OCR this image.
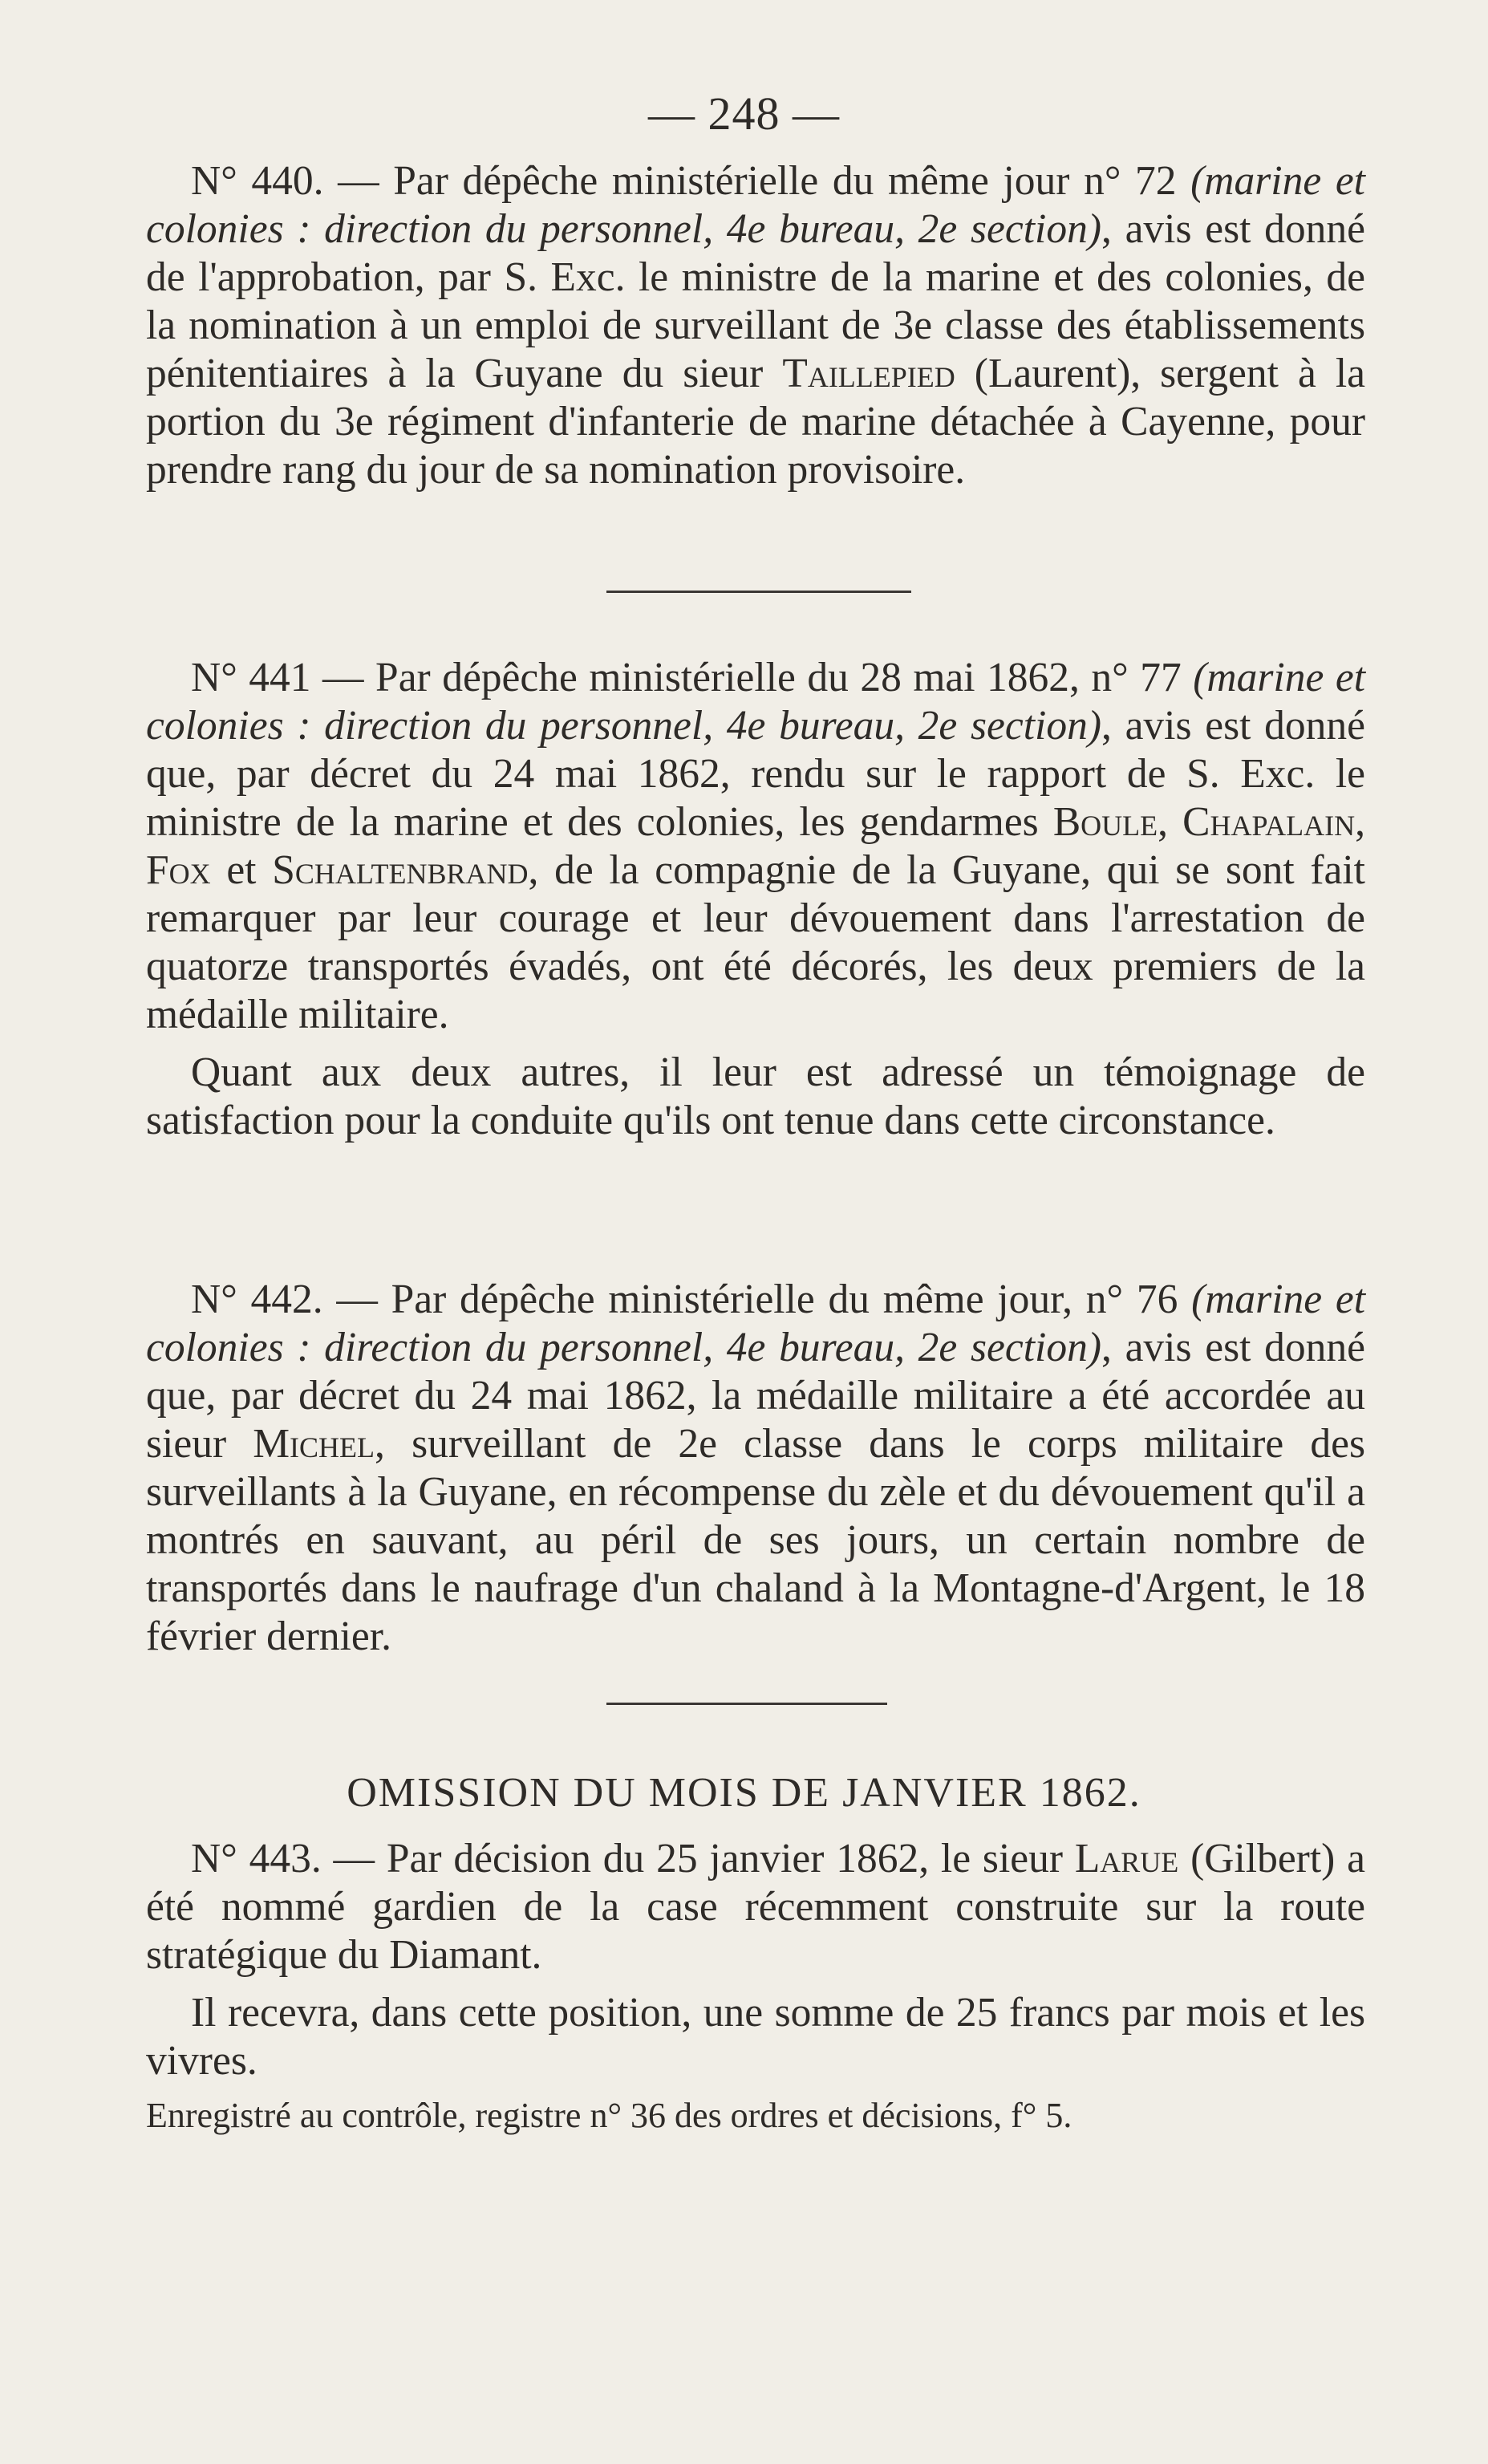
— 248 —

N° 440. — Par dépêche ministérielle du même jour n° 72 (marine et colonies : direction du personnel, 4e bureau, 2e section), avis est donné de l'approbation, par S. Exc. le ministre de la marine et des colonies, de la nomination à un emploi de surveillant de 3e classe des établissements pénitentiaires à la Guyane du sieur Taillepied (Laurent), sergent à la portion du 3e régiment d'infanterie de marine détachée à Cayenne, pour prendre rang du jour de sa nomination provisoire.

N° 441 — Par dépêche ministérielle du 28 mai 1862, n° 77 (marine et colonies : direction du personnel, 4e bureau, 2e section), avis est donné que, par décret du 24 mai 1862, rendu sur le rapport de S. Exc. le ministre de la marine et des colonies, les gendarmes Boule, Chapalain, Fox et Schaltenbrand, de la compagnie de la Guyane, qui se sont fait remarquer par leur courage et leur dévouement dans l'arrestation de quatorze transportés évadés, ont été décorés, les deux premiers de la médaille militaire.

Quant aux deux autres, il leur est adressé un témoignage de satisfaction pour la conduite qu'ils ont tenue dans cette circonstance.

N° 442. — Par dépêche ministérielle du même jour, n° 76 (marine et colonies : direction du personnel, 4e bureau, 2e section), avis est donné que, par décret du 24 mai 1862, la médaille militaire a été accordée au sieur Michel, surveillant de 2e classe dans le corps militaire des surveillants à la Guyane, en récompense du zèle et du dévouement qu'il a montrés en sauvant, au péril de ses jours, un certain nombre de transportés dans le naufrage d'un chaland à la Montagne-d'Argent, le 18 février dernier.

OMISSION DU MOIS DE JANVIER 1862.

N° 443. — Par décision du 25 janvier 1862, le sieur Larue (Gilbert) a été nommé gardien de la case récemment construite sur la route stratégique du Diamant.

Il recevra, dans cette position, une somme de 25 francs par mois et les vivres.

Enregistré au contrôle, registre n° 36 des ordres et décisions, f° 5.
